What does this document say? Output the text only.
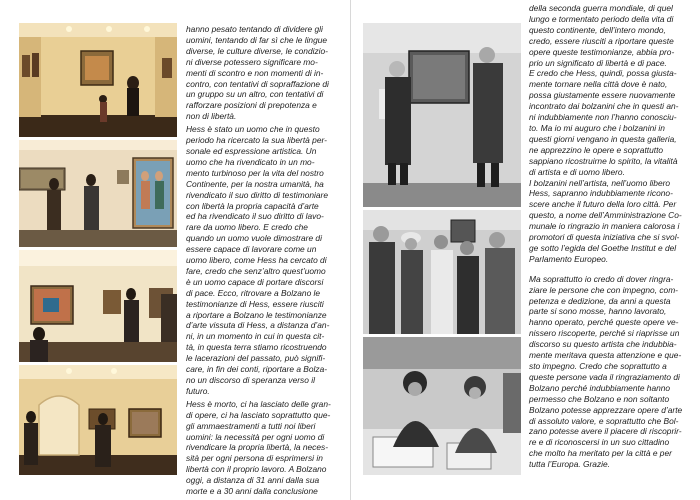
hanno pesato tentando di dividere gli
uomini, tentando di far sì che le lingue
diverse, le culture diverse, le condizio-
ni diverse potessero significare mo-
menti di scontro e non momenti di in-
contro, con tentativi di sopraffazione di
un gruppo su un altro, con tentativi di
rafforzare posizioni di prepotenza e
non di libertà.

Hess è stato un uomo che in questo
periodo ha ricercato la sua libertà per-
sonale ed espressione artistica. Un
uomo che ha rivendicato in un mo-
mento turbinoso per la vita del nostro
Continente, per la nostra umanità, ha
rivendicato il suo diritto di testimoniare
con libertà la propria capacità d’arte
ed ha rivendicato il suo diritto di lavo-
rare da uomo libero. E credo che
quando un uomo vuole dimostrare di
essere capace di lavorare come un
uomo libero, come Hess ha cercato di
fare, credo che senz’altro quest’uomo
è un uomo capace di portare discorsi
di pace. Ecco, ritrovare a Bolzano le
testimonianze di Hess, essere riusciti
a riportare a Bolzano le testimonianze
d’arte vissuta di Hess, a distanza d’an-
ni, in un momento in cui in questa cit-
tà, in questa terra stiamo ricostruendo
le lacerazioni del passato, può signifi-
care, in fin dei conti, riportare a Bolza-
no un discorso di speranza verso il
futuro.

Hess è morto, ci ha lasciato delle gran-
di opere, ci ha lasciato soprattutto que-
gli ammaestramenti a tutti noi liberi
uomini: la necessità per ogni uomo di
rivendicare la propria libertà, la neces-
sità per ogni persona di esprimersi in
libertà con il proprio lavoro. A Bolzano
oggi, a distanza di 31 anni dalla sua
morte e a 30 anni dalla conclusione

della seconda guerra mondiale, di quel
lungo e tormentato periodo della vita di
questo continente, dell’intero mondo,
credo, essere riusciti a riportare queste
opere queste testimonianze, abbia pro-
prio un significato di libertà e di pace.
E credo che Hess, quindi, possa giusta-
mente tornare nella città dove è nato,
possa giustamente essere nuovamente
incontrato dai bolzanini che in questi an-
ni indubbiamente non l’hanno conosciu-
to. Ma io mi auguro che i bolzanini in
questi giorni vengano in questa galleria,
ne apprezzino le opere e soprattutto
sappiano ricostruirne lo spirito, la vitalità
di artista e di uomo libero.
I bolzanini nell’artista, nell’uomo libero
Hess, sapranno indubbiamente ricono-
scere anche il futuro della loro città. Per
questo, a nome dell’Amministrazione Co-
munale io ringrazio in maniera calorosa i
promotori di questa iniziativa che si svol-
ge sotto l’egida del Goethe Institut e del
Parlamento Europeo.

Ma soprattutto io credo di dover ringra-
ziare le persone che con impegno, com-
petenza e dedizione, da anni a questa
parte si sono mosse, hanno lavorato,
hanno operato, perché queste opere ve-
nissero riscoperte, perché si riaprisse un
discorso su questo artista che indubbia-
mente meritava questa attenzione e que-
sto impegno. Credo che soprattutto a
queste persone vada il ringraziamento di
Bolzano perché indubbiamente hanno
permesso che Bolzano e non soltanto
Bolzano potesse apprezzare opere d’arte
di assoluto valore, e soprattutto che Bol-
zano potesse avere il piacere di riscoprir-
re e di riconoscersi in un suo cittadino
che molto ha meritato per la città e per
tutta l’Europa. Grazie.
